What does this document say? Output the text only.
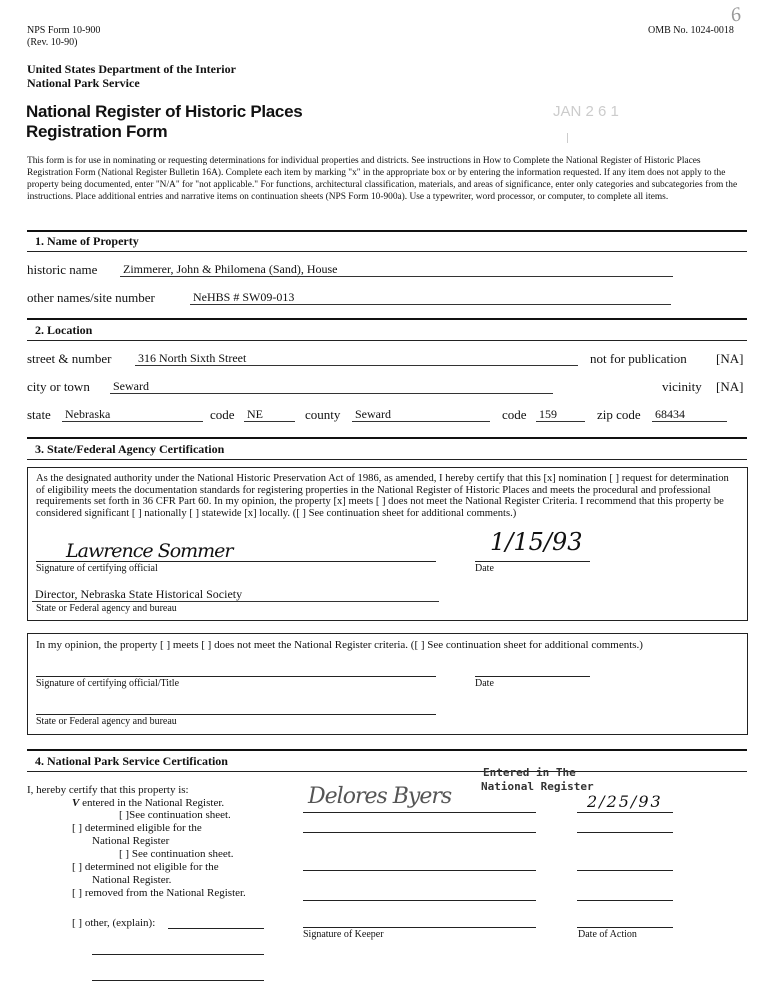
NPS Form 10-900
(Rev. 10-90)
OMB No. 1024-0018
6
United States Department of the Interior
National Park Service
National Register of Historic Places
Registration Form
JAN 2 6 1
This form is for use in nominating or requesting determinations for individual properties and districts. See instructions in How to Complete the National Register of Historic Places Registration Form (National Register Bulletin 16A). Complete each item by marking "x" in the appropriate box or by entering the information requested. If any item does not apply to the property being documented, enter "N/A" for "not applicable." For functions, architectural classification, materials, and areas of significance, enter only categories and subcategories from the instructions. Place additional entries and narrative items on continuation sheets (NPS Form 10-900a). Use a typewriter, word processor, or computer, to complete all items.
1. Name of Property
historic name Zimmerer, John & Philomena (Sand), House
other names/site number	NeHBS # SW09-013
2. Location
street & number 316 North Sixth Street	not for publication [NA]
city or town Seward	vicinity [NA]
state Nebraska	code NE	county Seward	code 159	zip code 68434
3. State/Federal Agency Certification
As the designated authority under the National Historic Preservation Act of 1986, as amended, I hereby certify that this [x] nomination [ ] request for determination of eligibility meets the documentation standards for registering properties in the National Register of Historic Places and meets the procedural and professional requirements set forth in 36 CFR Part 60. In my opinion, the property [x] meets [ ] does not meet the National Register Criteria. I recommend that this property be considered significant [ ] nationally [ ] statewide [x] locally. ([ ] See continuation sheet for additional comments.)
Lawrence Sommer
Signature of certifying official	Date
1/15/93
Director, Nebraska State Historical Society
State or Federal agency and bureau
In my opinion, the property [ ] meets [ ] does not meet the National Register criteria. ([ ] See continuation sheet for additional comments.)
Signature of certifying official/Title	Date
State or Federal agency and bureau
4. National Park Service Certification
I, hereby certify that this property is:
V entered in the National Register.
[ ]See continuation sheet.
[ ] determined eligible for the
National Register
[ ] See continuation sheet.
[ ] determined not eligible for the
National Register.
[ ] removed from the National Register.
[ ] other, (explain):
Entered in The
National Register
Delores Byers	2/25/93
Signature of Keeper	Date of Action
